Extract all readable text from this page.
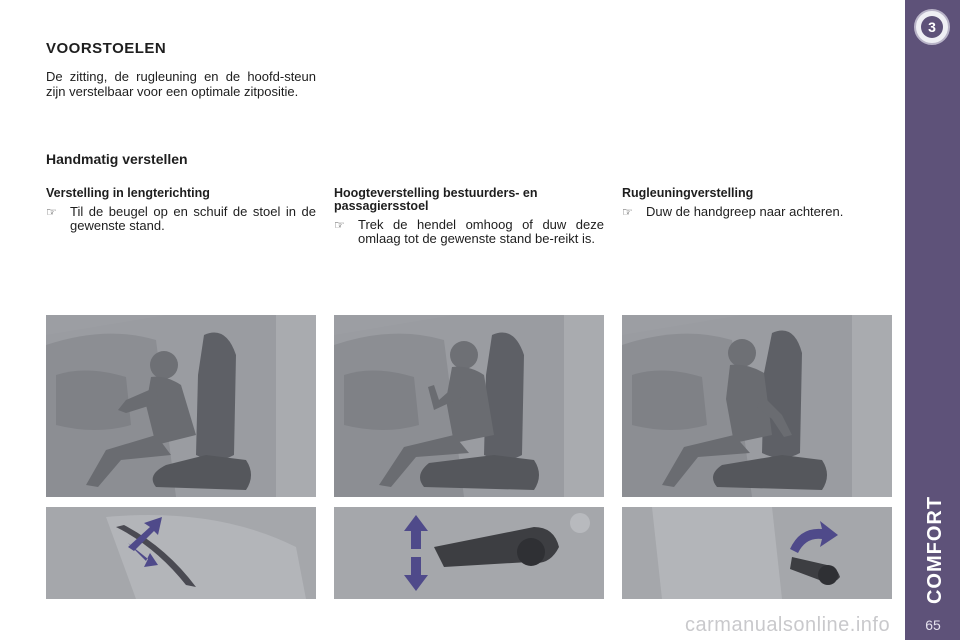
3
COMFORT
65
VOORSTOELEN

De zitting, de rugleuning en de hoofd-steun zijn verstelbaar voor een optimale zitpositie.

Handmatig verstellen
Verstelling in lengterichting
☞	Til de beugel op en schuif de stoel in de gewenste stand.
Hoogteverstelling bestuurders- en passagiersstoel
☞	Trek de hendel omhoog of duw deze omlaag tot de gewenste stand be-reikt is.
Rugleuningverstelling
☞	Duw de handgreep naar achteren.
carmanualsonline.info
